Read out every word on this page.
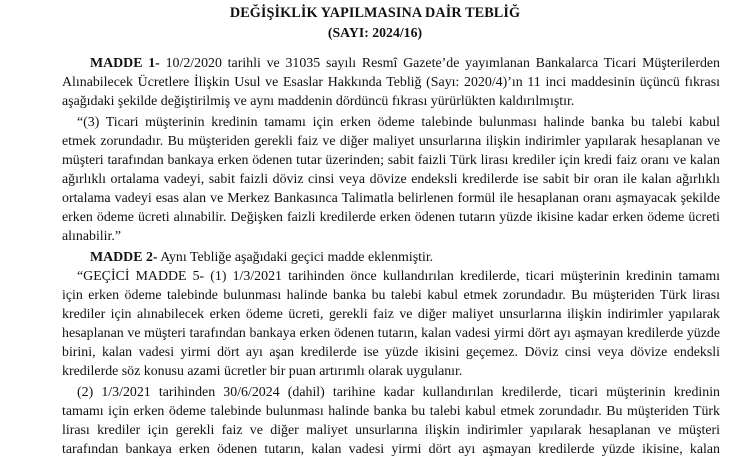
DEĞİŞİKLİK YAPILMASINA DAİR TEBLİĞ
(SAYI: 2024/16)
MADDE 1- 10/2/2020 tarihli ve 31035 sayılı Resmî Gazete’de yayımlanan Bankalarca Ticari Müşterilerden
Alınabilecek Ücretlere İlişkin Usul ve Esaslar Hakkında Tebliğ (Sayı: 2020/4)’ın 11 inci maddesinin üçüncü fıkrası
aşağıdaki şekilde değiştirilmiş ve aynı maddenin dördüncü fıkrası yürürlükten kaldırılmıştır.
“(3) Ticari müşterinin kredinin tamamı için erken ödeme talebinde bulunması halinde banka bu talebi kabul
etmek zorundadır. Bu müşteriden gerekli faiz ve diğer maliyet unsurlarına ilişkin indirimler yapılarak hesaplanan ve
müşteri tarafından bankaya erken ödenen tutar üzerinden; sabit faizli Türk lirası krediler için kredi faiz oranı ve kalan
ağırlıklı ortalama vadeyi, sabit faizli döviz cinsi veya dövize endeksli kredilerde ise sabit bir oran ile kalan ağırlıklı
ortalama vadeyi esas alan ve Merkez Bankasınca Talimatla belirlenen formül ile hesaplanan oranı aşmayacak şekilde
erken ödeme ücreti alınabilir. Değişken faizli kredilerde erken ödenen tutarın yüzde ikisine kadar erken ödeme ücreti
alınabilir.”
MADDE 2- Aynı Tebliğe aşağıdaki geçici madde eklenmiştir.
“GEÇİCİ MADDE 5- (1) 1/3/2021 tarihinden önce kullandırılan kredilerde, ticari müşterinin kredinin tamamı
için erken ödeme talebinde bulunması halinde banka bu talebi kabul etmek zorundadır. Bu müşteriden Türk lirası
krediler için alınabilecek erken ödeme ücreti, gerekli faiz ve diğer maliyet unsurlarına ilişkin indirimler yapılarak
hesaplanan ve müşteri tarafından bankaya erken ödenen tutarın, kalan vadesi yirmi dört ayı aşmayan kredilerde yüzde
birini, kalan vadesi yirmi dört ayı aşan kredilerde ise yüzde ikisini geçemez. Döviz cinsi veya dövize endeksli
kredilerde söz konusu azami ücretler bir puan artırımlı olarak uygulanır.
(2) 1/3/2021 tarihinden 30/6/2024 (dahil) tarihine kadar kullandırılan kredilerde, ticari müşterinin kredinin
tamamı için erken ödeme talebinde bulunması halinde banka bu talebi kabul etmek zorundadır. Bu müşteriden Türk
lirası krediler için gerekli faiz ve diğer maliyet unsurlarına ilişkin indirimler yapılarak hesaplanan ve müşteri
tarafından bankaya erken ödenen tutarın, kalan vadesi yirmi dört ayı aşmayan kredilerde yüzde ikisine, kalan
